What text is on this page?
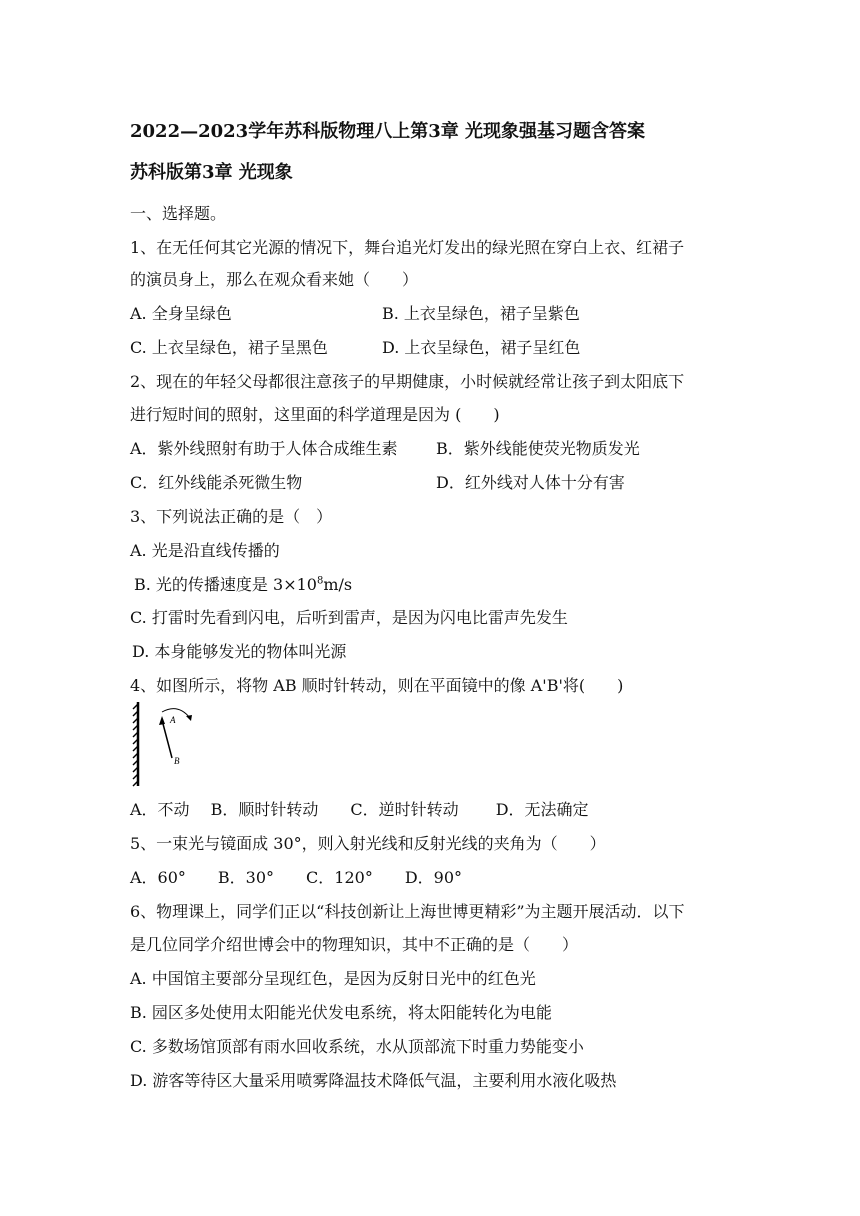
2022—2023学年苏科版物理八上第3章 光现象强基习题含答案
苏科版第3章 光现象
一、选择题。
1、在无任何其它光源的情况下，舞台追光灯发出的绿光照在穿白上衣、红裙子
的演员身上，那么在观众看来她（　　）
A. 全身呈绿色	B. 上衣呈绿色，裙子呈紫色
C. 上衣呈绿色，裙子呈黑色	D. 上衣呈绿色，裙子呈红色
2、现在的年轻父母都很注意孩子的早期健康，小时候就经常让孩子到太阳底下
进行短时间的照射，这里面的科学道理是因为 (　　)
A．紫外线照射有助于人体合成维生素 B．紫外线能使荧光物质发光
C．红外线能杀死微生物	D．红外线对人体十分有害
3、下列说法正确的是（　）
A. 光是沿直线传播的
B. 光的传播速度是 $3\times 10^8m/s$
C. 打雷时先看到闪电，后听到雷声，是因为闪电比雷声先发生
D. 本身能够发光的物体叫光源
4、如图所示，将物 AB 顺时针转动，则在平面镜中的像 A'B'将(　　)
A
B
A．不动　 B．顺时针转动　　C．逆时针转动　　 D．无法确定
5、一束光与镜面成 30°，则入射光线和反射光线的夹角为（　　）
A．60°　　B．30°　　C．120°　　D．90°
6、物理课上，同学们正以“科技创新让上海世博更精彩”为主题开展活动．以下
是几位同学介绍世博会中的物理知识，其中不正确的是（　　）
A. 中国馆主要部分呈现红色，是因为反射日光中的红色光
B. 园区多处使用太阳能光伏发电系统，将太阳能转化为电能
C. 多数场馆顶部有雨水回收系统，水从顶部流下时重力势能变小
D. 游客等待区大量采用喷雾降温技术降低气温，主要利用水液化吸热
